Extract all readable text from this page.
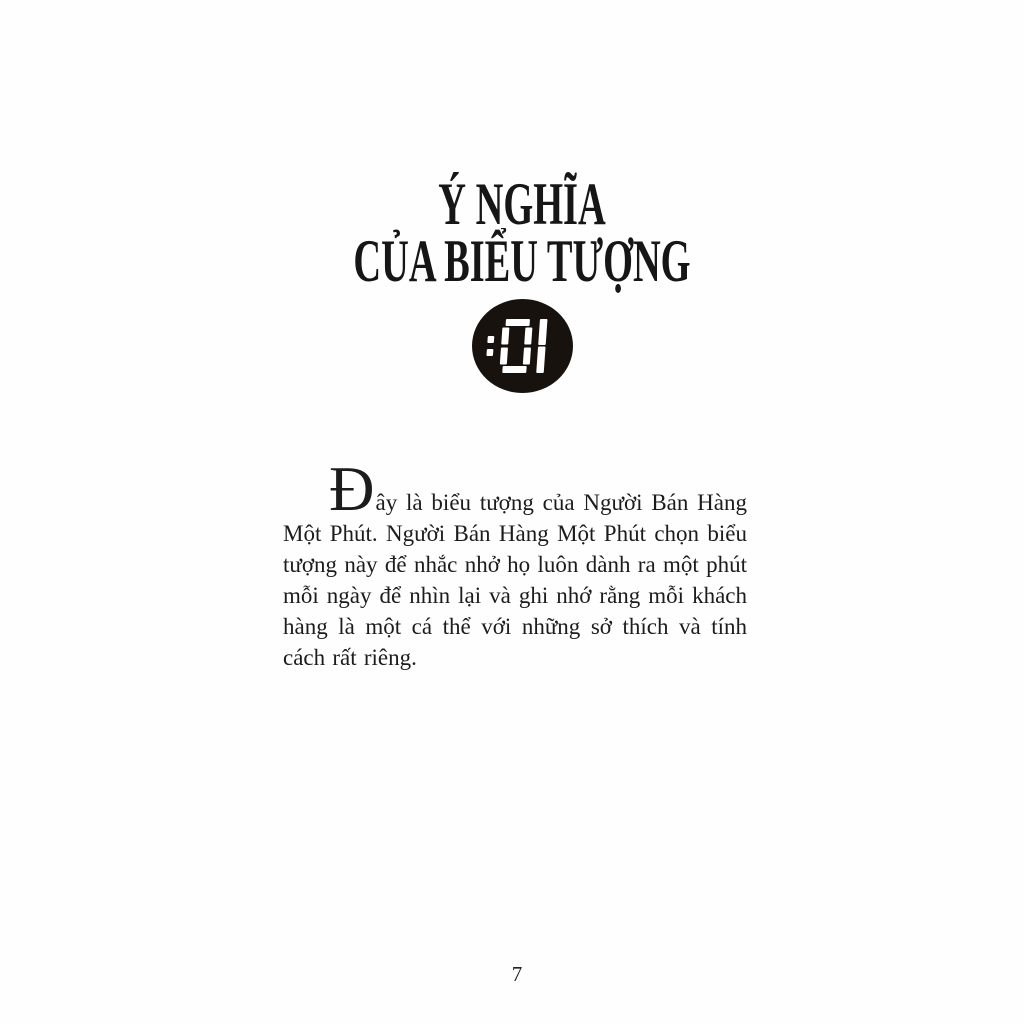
Ý NGHĨA
CỦA BIỂU TƯỢNG

Đây là biểu tượng của Người Bán Hàng Một Phút. Người Bán Hàng Một Phút chọn biểu tượng này để nhắc nhở họ luôn dành ra một phút mỗi ngày để nhìn lại và ghi nhớ rằng mỗi khách hàng là một cá thể với những sở thích và tính cách rất riêng.

7
